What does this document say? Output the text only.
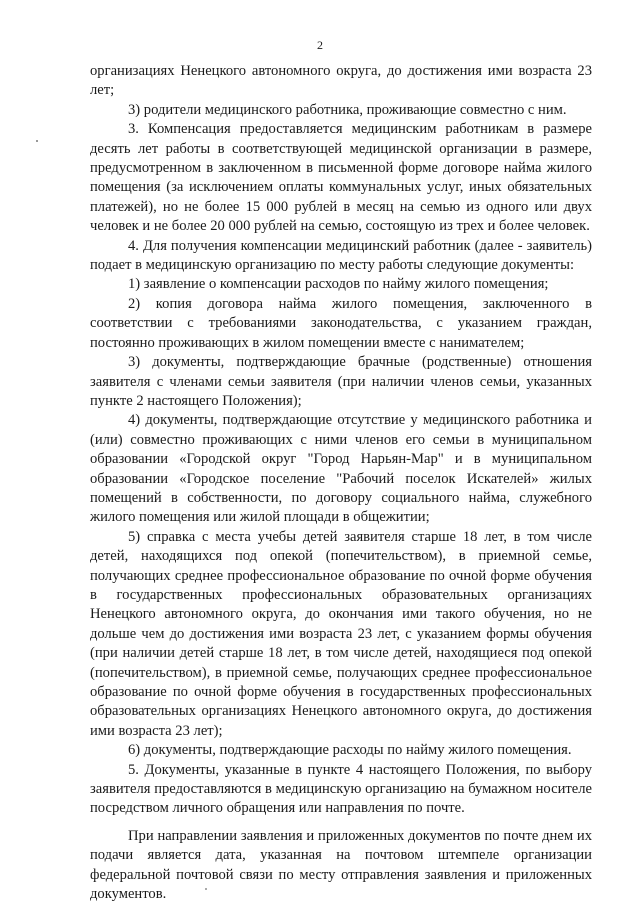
2

организациях Ненецкого автономного округа, до достижения ими возраста 23 лет;

3) родители медицинского работника, проживающие совместно с ним.

3. Компенсация предоставляется медицинским работникам в размере десять лет работы в соответствующей медицинской организации в размере, предусмотренном в заключенном в письменной форме договоре найма жилого помещения (за исключением оплаты коммунальных услуг, иных обязательных платежей), но не более 15 000 рублей в месяц на семью из одного или двух человек и не более 20 000 рублей на семью, состоящую из трех и более человек.

4. Для получения компенсации медицинский работник (далее - заявитель) подает в медицинскую организацию по месту работы следующие документы:

1) заявление о компенсации расходов по найму жилого помещения;

2) копия договора найма жилого помещения, заключенного в соответствии с требованиями законодательства, с указанием граждан, постоянно проживающих в жилом помещении вместе с нанимателем;

3) документы, подтверждающие брачные (родственные) отношения заявителя с членами семьи заявителя (при наличии членов семьи, указанных пункте 2 настоящего Положения);

4) документы, подтверждающие отсутствие у медицинского работника и (или) совместно проживающих с ними членов его семьи в муниципальном образовании «Городской округ "Город Нарьян-Мар" и в муниципальном образовании «Городское поселение "Рабочий поселок Искателей» жилых помещений в собственности, по договору социального найма, служебного жилого помещения или жилой площади в общежитии;

5) справка с места учебы детей заявителя старше 18 лет, в том числе детей, находящихся под опекой (попечительством), в приемной семье, получающих среднее профессиональное образование по очной форме обучения в государственных профессиональных образовательных организациях Ненецкого автономного округа, до окончания ими такого обучения, но не дольше чем до достижения ими возраста 23 лет, с указанием формы обучения (при наличии детей старше 18 лет, в том числе детей, находящиеся под опекой (попечительством), в приемной семье, получающих среднее профессиональное образование по очной форме обучения в государственных профессиональных образовательных организациях Ненецкого автономного округа, до достижения ими возраста 23 лет);

6) документы, подтверждающие расходы по найму жилого помещения.

5. Документы, указанные в пункте 4 настоящего Положения, по выбору заявителя предоставляются в медицинскую организацию на бумажном носителе посредством личного обращения или направления по почте.

При направлении заявления и приложенных документов по почте днем их подачи является дата, указанная на почтовом штемпеле организации федеральной почтовой связи по месту отправления заявления и приложенных документов.
